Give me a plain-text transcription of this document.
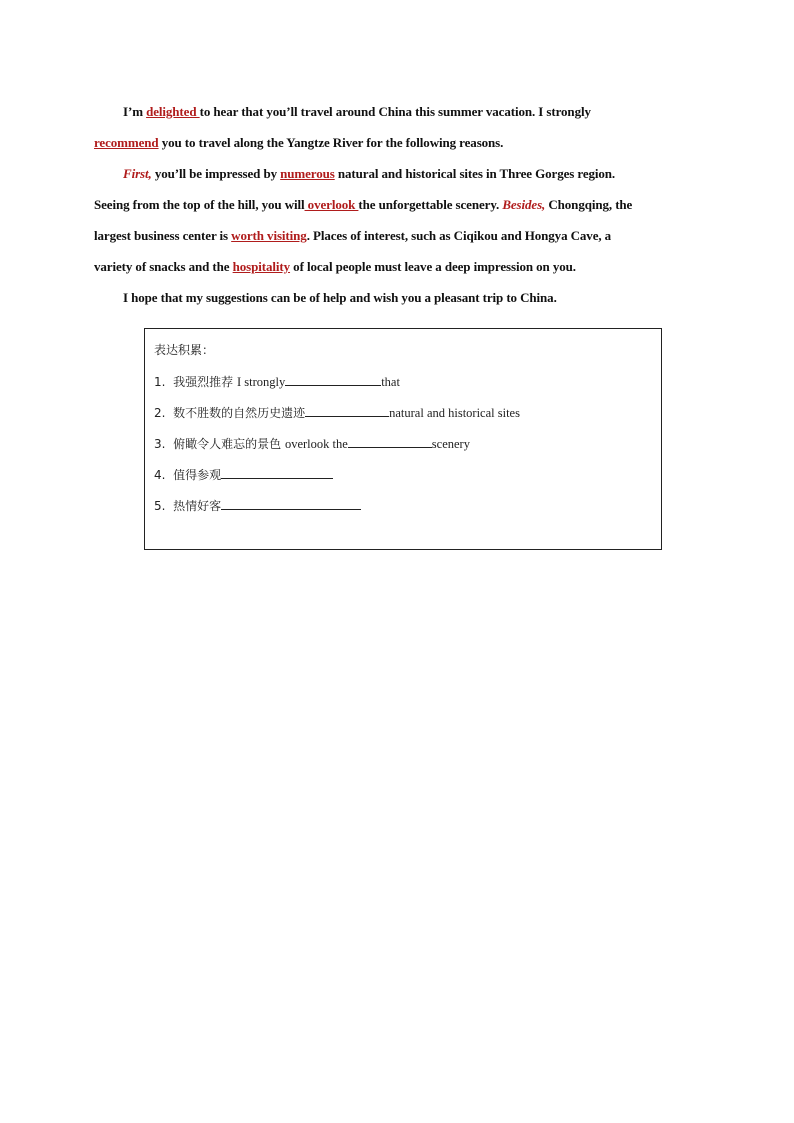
I’m delighted to hear that you’ll travel around China this summer vacation. I strongly

recommend you to travel along the Yangtze River for the following reasons.

First, you’ll be impressed by numerous natural and historical sites in Three Gorges region.

Seeing from the top of the hill, you will overlook the unforgettable scenery. Besides, Chongqing, the

largest business center is worth visiting. Places of interest, such as Ciqikou and Hongya Cave, a

variety of snacks and the hospitality of local people must leave a deep impression on you.

I hope that my suggestions can be of help and wish you a pleasant trip to China.

表达积累：
1. 我强烈推荐 I strongly	that
2. 数不胜数的自然历史遗迹	natural and historical sites
3. 俯瞰令人难忘的景色 overlook the	scenery
4. 值得参观
5. 热情好客
